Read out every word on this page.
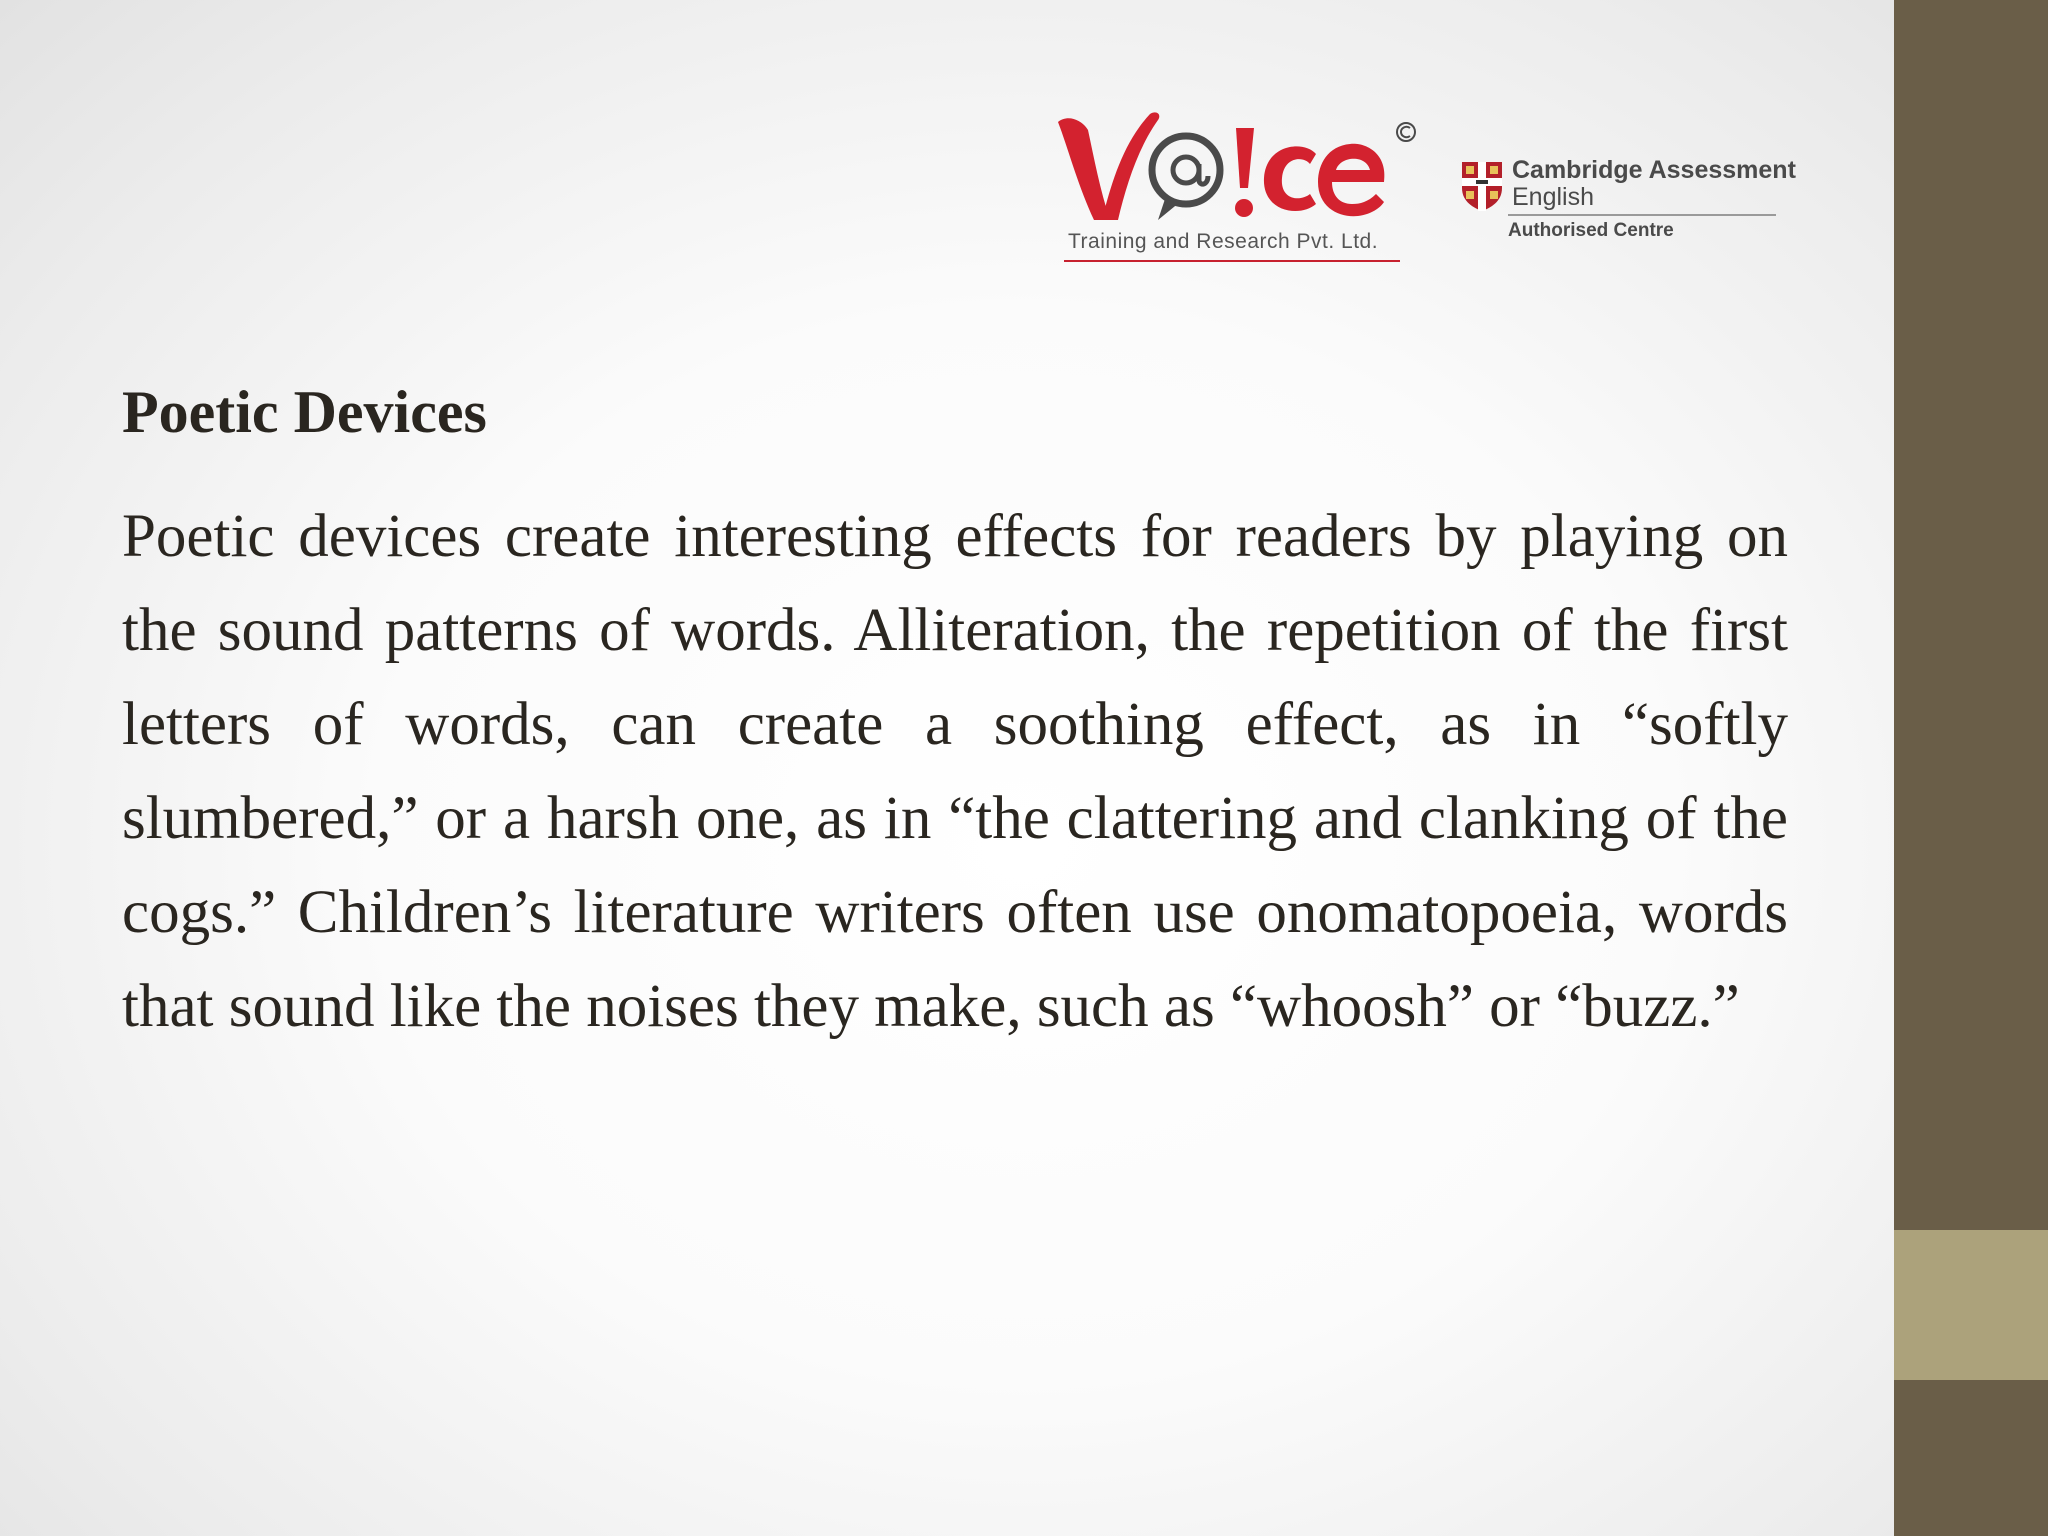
Training and Research Pvt. Ltd.
Cambridge Assessment
English
Authorised Centre
Poetic Devices

Poetic devices create interesting effects for readers by playing on the sound patterns of words. Alliteration, the repetition of the first letters of words, can create a soothing effect, as in “softly slumbered,” or a harsh one, as in “the clattering and clanking of the cogs.” Children’s literature writers often use onomatopoeia, words that sound like the noises they make, such as “whoosh” or “buzz.”
